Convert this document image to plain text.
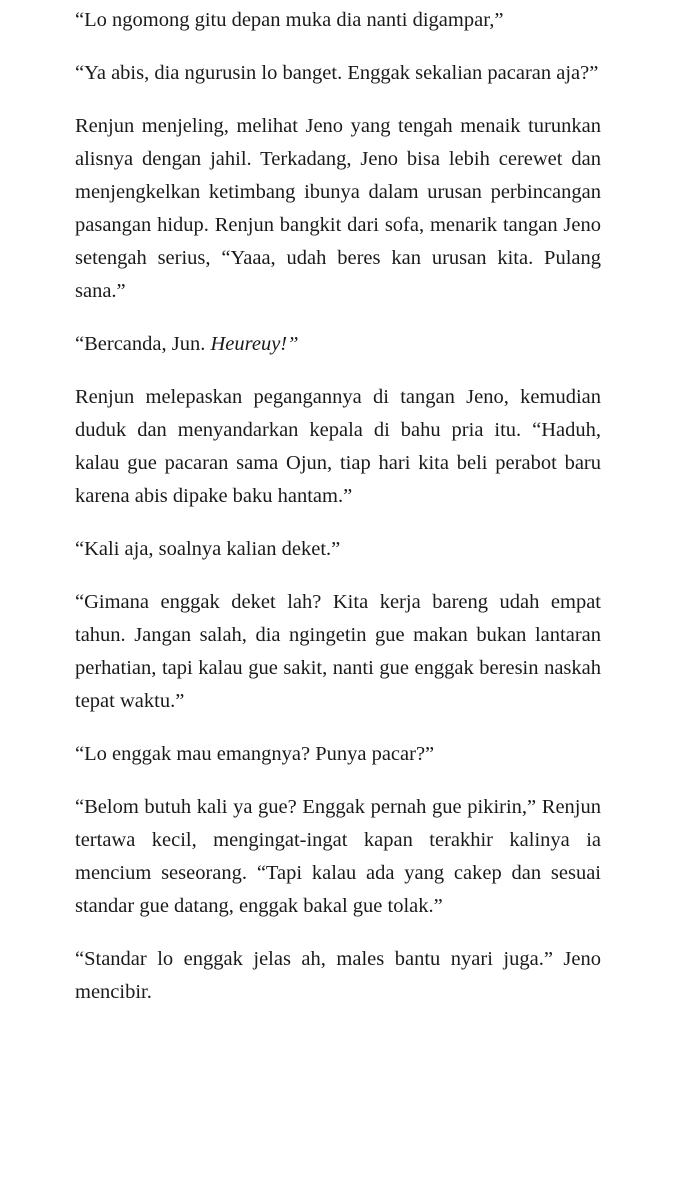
“Lo ngomong gitu depan muka dia nanti digampar,”

“Ya abis, dia ngurusin lo banget. Enggak sekalian pacaran aja?”

Renjun menjeling, melihat Jeno yang tengah menaik turunkan alisnya dengan jahil. Terkadang, Jeno bisa lebih cerewet dan menjengkelkan ketimbang ibunya dalam urusan perbincangan pasangan hidup. Renjun bangkit dari sofa, menarik tangan Jeno setengah serius, “Yaaa, udah beres kan urusan kita. Pulang sana.”

“Bercanda, Jun. Heureuy!”

Renjun melepaskan pegangannya di tangan Jeno, kemudian duduk dan menyandarkan kepala di bahu pria itu. “Haduh, kalau gue pacaran sama Ojun, tiap hari kita beli perabot baru karena abis dipake baku hantam.”

“Kali aja, soalnya kalian deket.”

“Gimana enggak deket lah? Kita kerja bareng udah empat tahun. Jangan salah, dia ngingetin gue makan bukan lantaran perhatian, tapi kalau gue sakit, nanti gue enggak beresin naskah tepat waktu.”

“Lo enggak mau emangnya? Punya pacar?”

“Belom butuh kali ya gue? Enggak pernah gue pikirin,” Renjun tertawa kecil, mengingat-ingat kapan terakhir kalinya ia mencium seseorang. “Tapi kalau ada yang cakep dan sesuai standar gue datang, enggak bakal gue tolak.”

“Standar lo enggak jelas ah, males bantu nyari juga.” Jeno mencibir.
